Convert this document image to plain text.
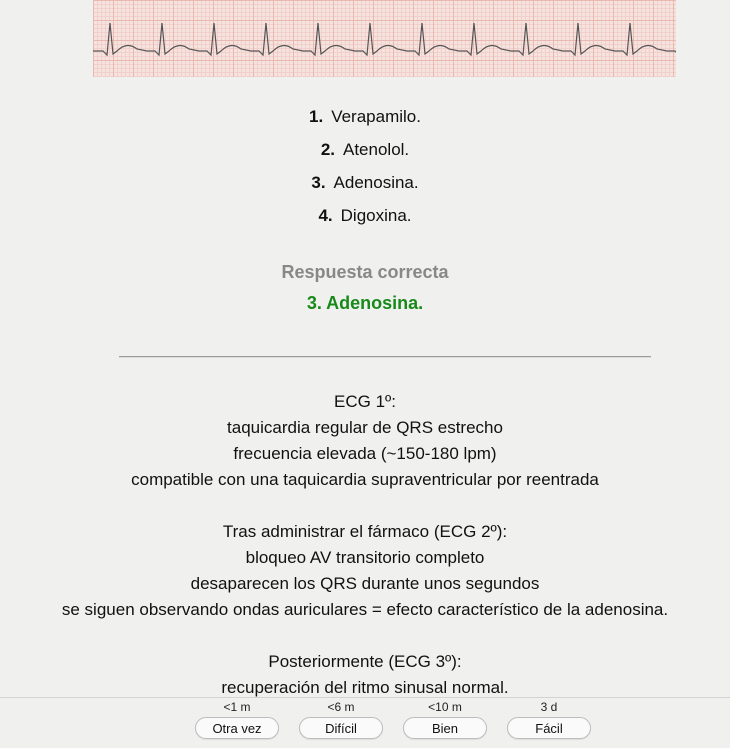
1. Verapamilo.
2. Atenolol.
3. Adenosina.
4. Digoxina.
Respuesta correcta
3. Adenosina.
ECG 1º:
taquicardia regular de QRS estrecho
frecuencia elevada (~150-180 lpm)
compatible con una taquicardia supraventricular por reentrada
Tras administrar el fármaco (ECG 2º):
bloqueo AV transitorio completo
desaparecen los QRS durante unos segundos
se siguen observando ondas auriculares = efecto característico de la adenosina.
Posteriormente (ECG 3º):
recuperación del ritmo sinusal normal.
<1 m
Otra vez
<6 m
Difícil
<10 m
Bien
3 d
Fácil
